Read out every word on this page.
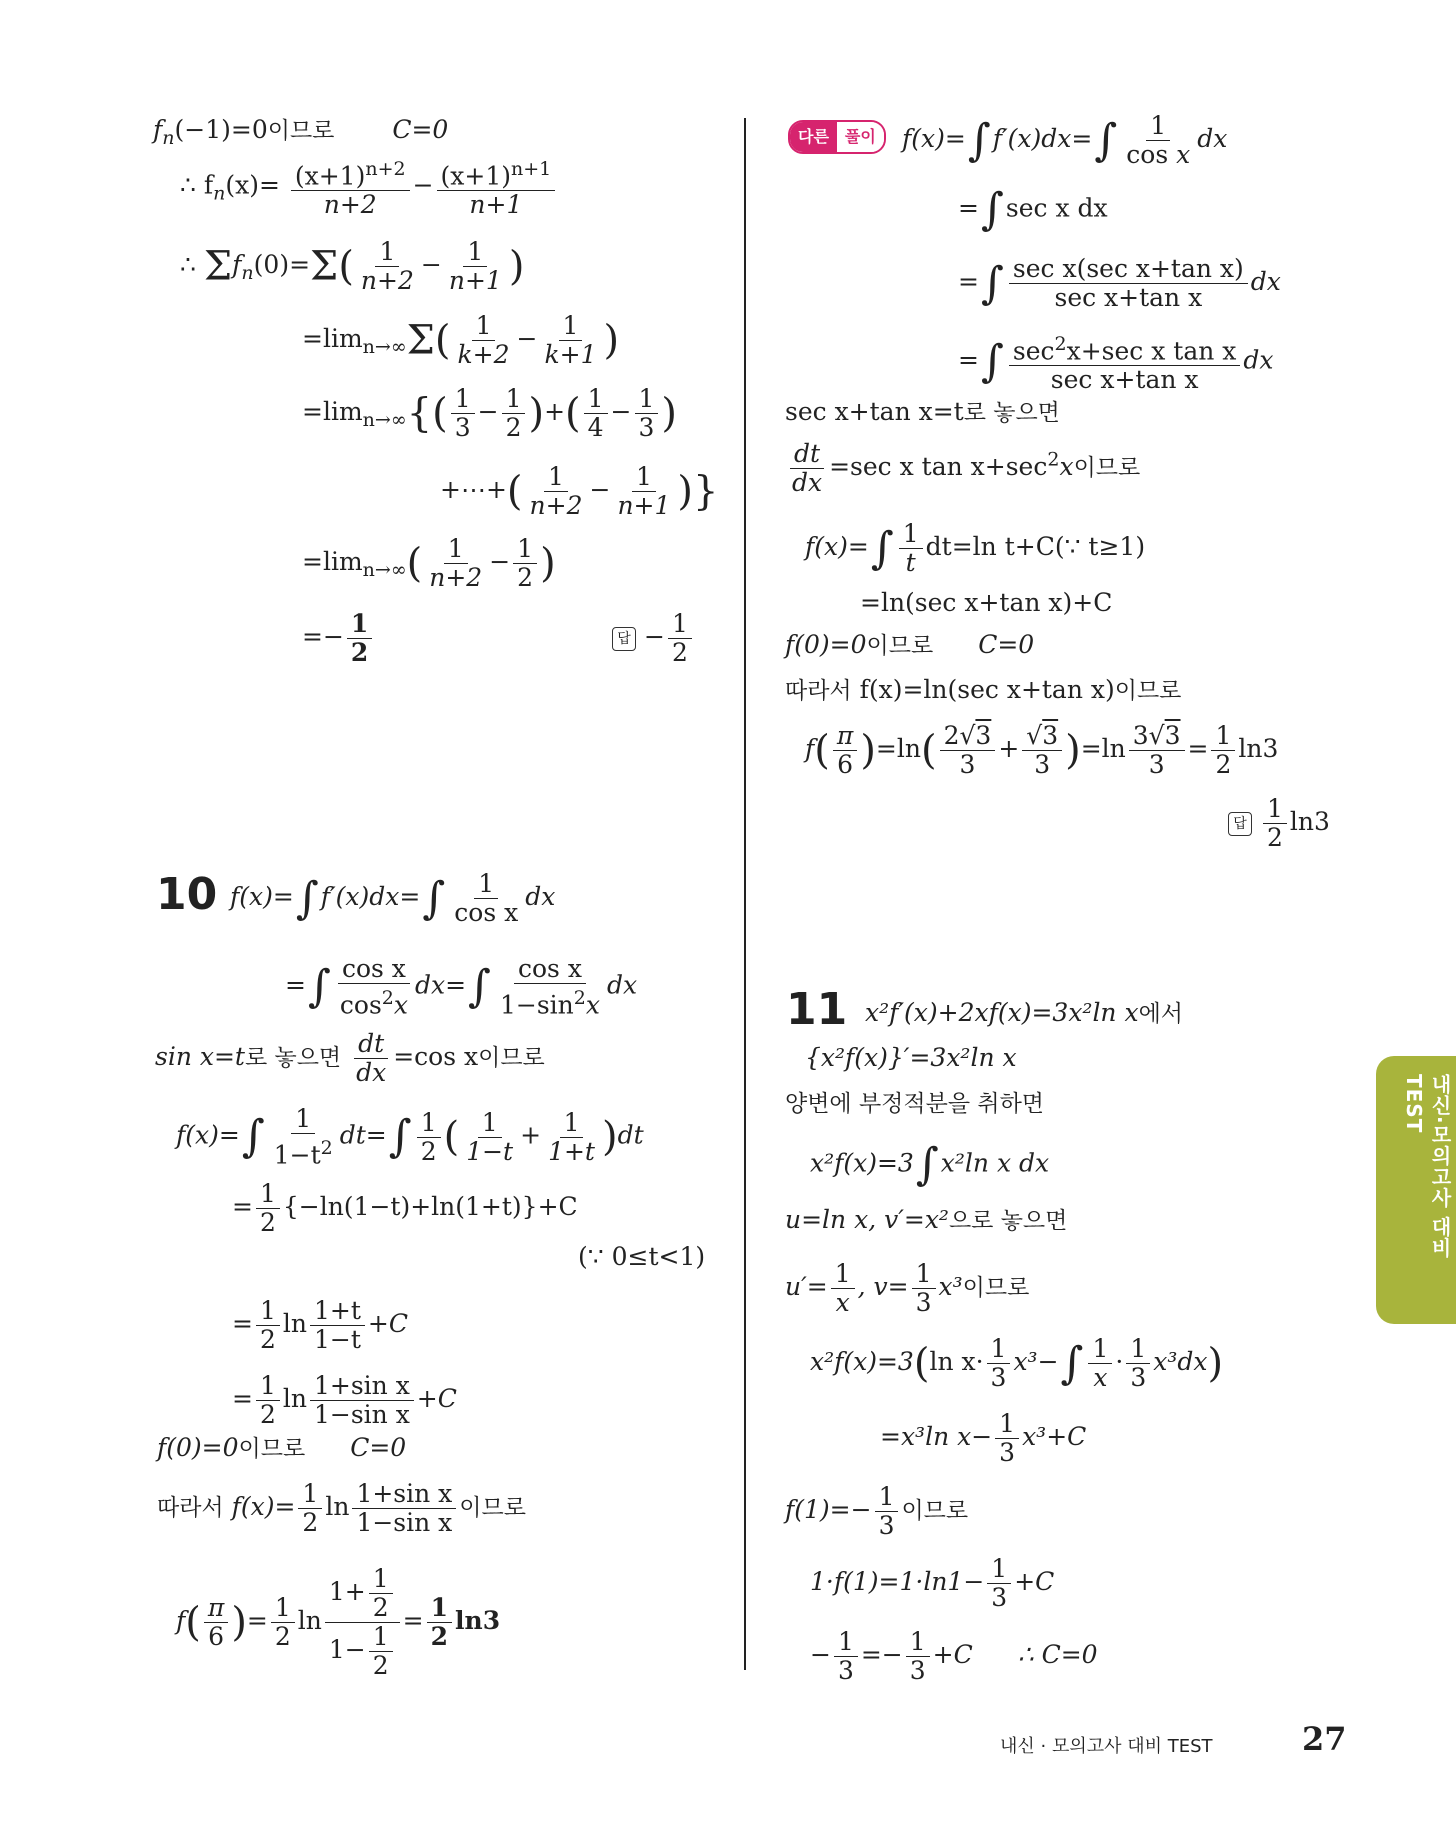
$f_n(-1)=0$이므로 C=0
∴ $f_n(x)= \frac{(x+1)^{n+2}}{n+2} - \frac{(x+1)^{n+1}}{n+1}$
∴ $\Sigma f_n(0)=\Sigma( \frac{1}{n+2} - \frac{1}{n+1}$ )
$=\lim_{n\to\infty}\Sigma( \frac{1}{k+2} - \frac{1}{k+1}$ )
$=\lim_{n\to\infty}\{( \frac{1}{3} - \frac{1}{2}$ )+( $\frac{1}{4} - \frac{1}{3}$ )
+⋯+( $\frac{1}{n+2} - \frac{1}{n+1}$ )}
$=\lim_{n\to\infty}( \frac{1}{n+2} - \frac{1}{2}$ )
=− $\frac{1}{2}$	답 − $\frac{1}{2}$
10 $f(x)=\int f'(x)dx=\int \frac{1}{\text{cos x}}$ dx
=∫ $\frac{\text{cos x}}{\cos^2x} dx=\int \frac{\text{cos x}}{1-\sin^2x}$ dx
sin x=t로 놓으면 $\frac{dt}{dx} =\cos$ x이므로
$f(x)=\int \frac{1}{1-t^2} dt=\int \frac{1}{2}$ ( $\frac{1}{1-t} + \frac{1}{1+t} )dt$
= $\frac{1}{2} \{-\ln(1-t)+\ln(1+t)\}+C$
(∵ 0≤t<1)
= $\frac{1}{2}$ $\ln \frac{1+t}{1-t} +C$
= $\frac{1}{2}$ $\ln \frac{\text{1+sin x}}{\text{1−sin x}} +C$
f(0)=0이므로 C=0
따라서 $f(x)= \frac{1}{2}$ $\ln \frac{\text{1+sin x}}{\text{1−sin x}}$ 이므로
$f( \frac{\pi}{6}$ )= $\frac{1}{2}$ $\ln \frac{1+ \frac{1}{2}}{1- \frac{1}{2}} = \frac{1}{2} \ln 3$
다른	풀이	$f(x)=\int f'(x)dx=\int \frac{1}{\text{cos x}}$ dx
=∫sec x dx
=∫ $\frac{\text{sec x(sec x+tan x)}}{\text{sec x+tan x}}$ dx
=∫ $\frac{\sec^2x+\sec x \tan x}{\text{sec x+tan x}}$ dx
sec x+tan x=t로 놓으면
$\frac{dt}{dx} =\sec$ x $\tan x+\sec^2x$이므로
$f(x)=\int \frac{1}{t} dt=\ln$ t+C(∵ t≥1)
=ln(sec x+tan x)+C
f(0)=0이므로 C=0
따라서 f(x)=ln(sec x+tan x)이므로
$f( \frac{\pi}{6} )=\ln( \frac{2√3}{3} + \frac{√3}{3} )=\ln \frac{3√3}{3} = \frac{1}{2} \ln 3$
답 $\frac{1}{2} \ln 3$
11 x²f′(x)+2xf(x)=3x²ln x에서
{x²f(x)}′=3x²ln x
양변에 부정적분을 취하면
x²f(x)=3∫x²ln x dx
u=ln x, v′=x²으로 놓으면
$u'= \frac{1}{x}$ , $v= \frac{1}{3} x^3$이므로
x²f(x)=3(ln $x\cdot \frac{1}{3} x^3-\int \frac{1}{x} \cdot \frac{1}{3} x^3dx$)
=x³ln $x- \frac{1}{3} x^3+C$
$f(1)=- \frac{1}{3}$ 이므로
$1\cdot f(1)=1\cdot\ln 1- \frac{1}{3} +C$
− $\frac{1}{3} =- \frac{1}{3} +C$ ∴ C=0
내신·모의고사 대비 TEST
내신 · 모의고사 대비 TEST	27
